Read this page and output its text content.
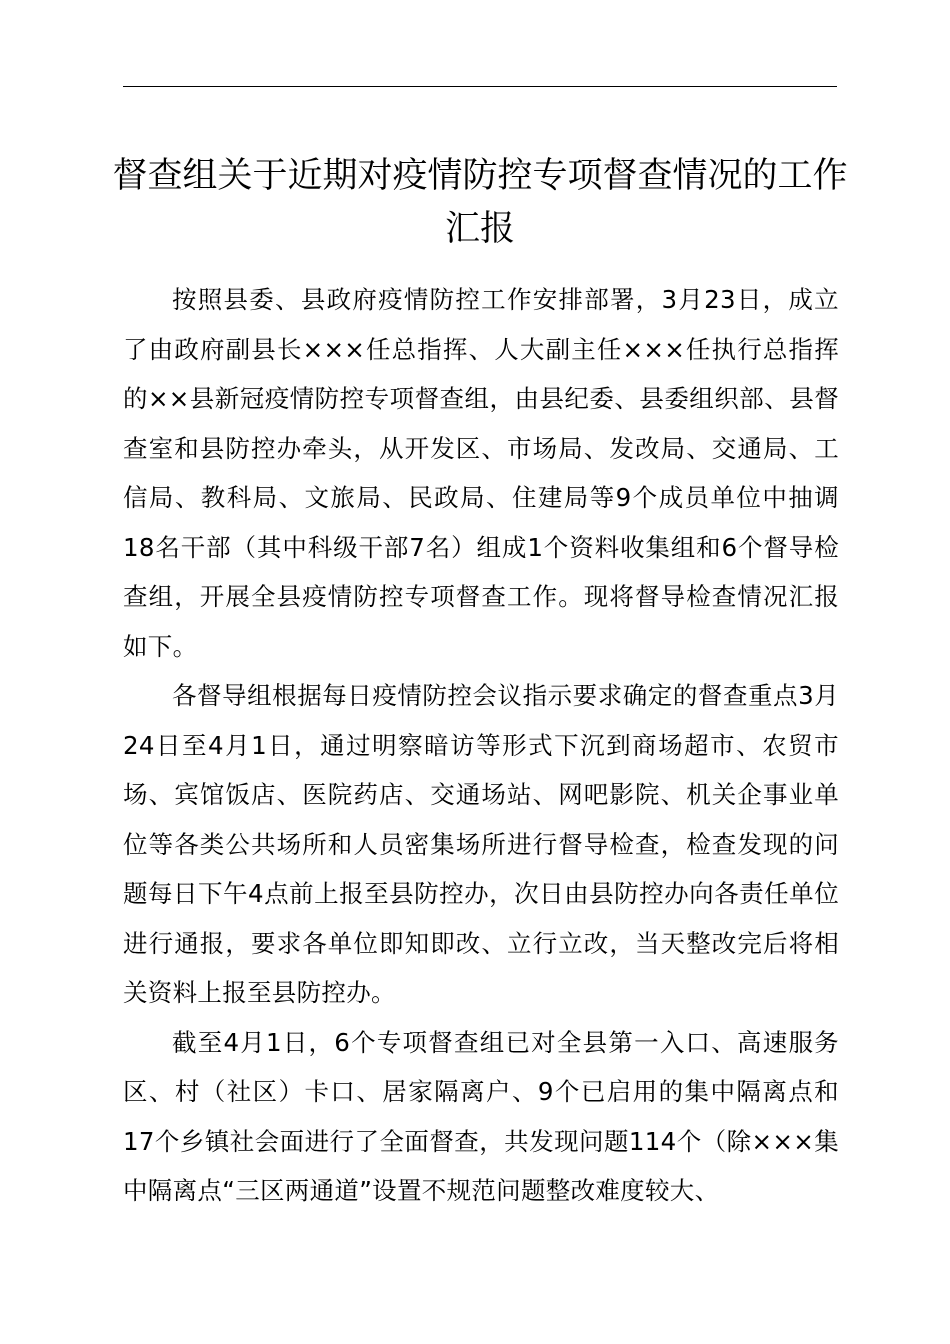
督查组关于近期对疫情防控专项督查情况的工作汇报

按照县委、县政府疫情防控工作安排部署，3月23日，成立了由政府副县长×××任总指挥、人大副主任×××任执行总指挥的××县新冠疫情防控专项督查组，由县纪委、县委组织部、县督查室和县防控办牵头，从开发区、市场局、发改局、交通局、工信局、教科局、文旅局、民政局、住建局等9个成员单位中抽调18名干部（其中科级干部7名）组成1个资料收集组和6个督导检查组，开展全县疫情防控专项督查工作。现将督导检查情况汇报如下。

各督导组根据每日疫情防控会议指示要求确定的督查重点3月24日至4月1日，通过明察暗访等形式下沉到商场超市、农贸市场、宾馆饭店、医院药店、交通场站、网吧影院、机关企事业单位等各类公共场所和人员密集场所进行督导检查，检查发现的问题每日下午4点前上报至县防控办，次日由县防控办向各责任单位进行通报，要求各单位即知即改、立行立改，当天整改完后将相关资料上报至县防控办。

截至4月1日，6个专项督查组已对全县第一入口、高速服务区、村（社区）卡口、居家隔离户、9个已启用的集中隔离点和17个乡镇社会面进行了全面督查，共发现问题114个（除×××集中隔离点“三区两通道”设置不规范问题整改难度较大、
